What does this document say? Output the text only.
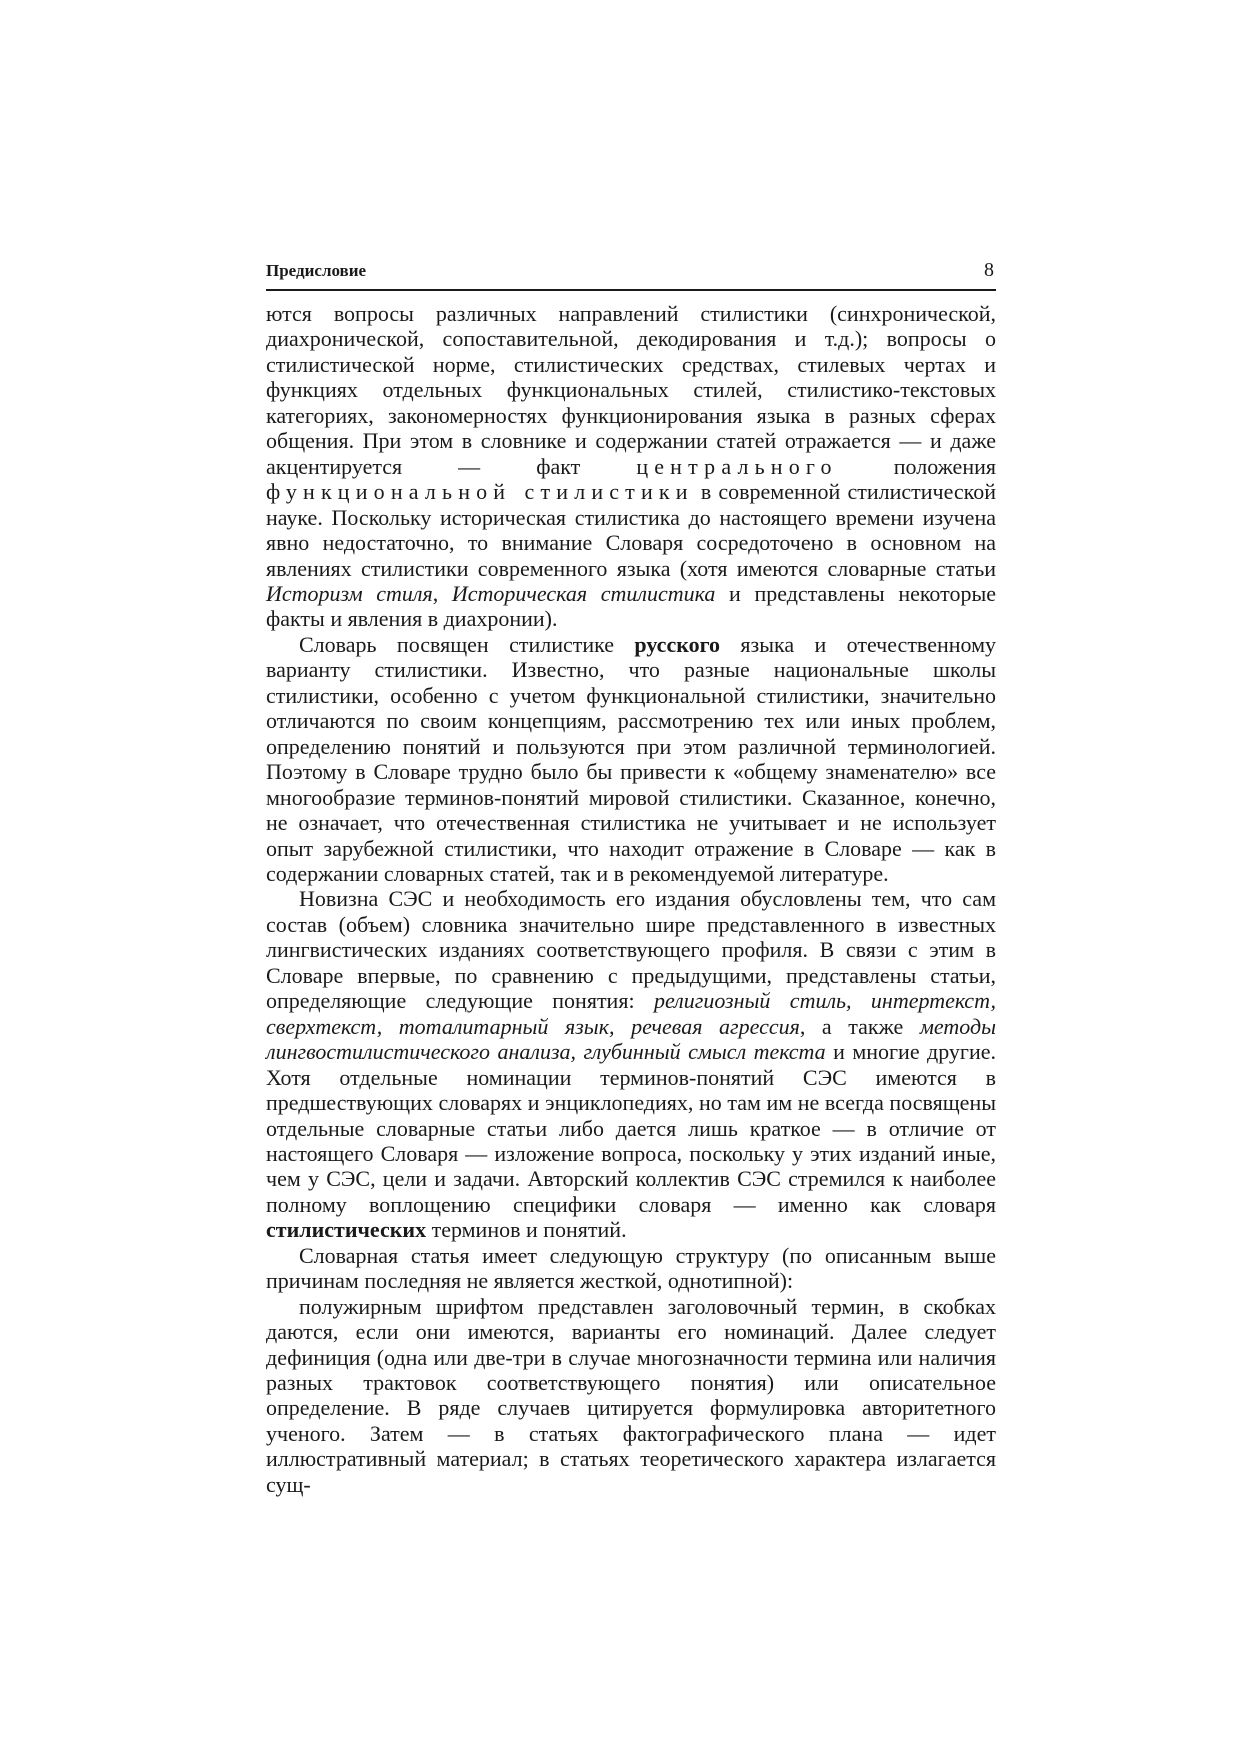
Предисловие	8

ются вопросы различных направлений стилистики (синхронической, диахронической, сопоставительной, декодирования и т.д.); вопросы о стилистической норме, стилистических средствах, стилевых чертах и функциях отдельных функциональных стилей, стилистико-текстовых категориях, закономерностях функционирования языка в разных сферах общения. При этом в словнике и содержании статей отражается — и даже акцентируется — факт центрального положения функциональной стилистики в современной стилистической науке. Поскольку историческая стилистика до настоящего времени изучена явно недостаточно, то внимание Словаря сосредоточено в основном на явлениях стилистики современного языка (хотя имеются словарные статьи Историзм стиля, Историческая стилистика и представлены некоторые факты и явления в диахронии).

Словарь посвящен стилистике русского языка и отечественному варианту стилистики. Известно, что разные национальные школы стилистики, особенно с учетом функциональной стилистики, значительно отличаются по своим концепциям, рассмотрению тех или иных проблем, определению понятий и пользуются при этом различной терминологией. Поэтому в Словаре трудно было бы привести к «общему знаменателю» все многообразие терминов-понятий мировой стилистики. Сказанное, конечно, не означает, что отечественная стилистика не учитывает и не использует опыт зарубежной стилистики, что находит отражение в Словаре — как в содержании словарных статей, так и в рекомендуемой литературе.

Новизна СЭС и необходимость его издания обусловлены тем, что сам состав (объем) словника значительно шире представленного в известных лингвистических изданиях соответствующего профиля. В связи с этим в Словаре впервые, по сравнению с предыдущими, представлены статьи, определяющие следующие понятия: религиозный стиль, интертекст, сверхтекст, тоталитарный язык, речевая агрессия, а также методы лингвостилистического анализа, глубинный смысл текста и многие другие. Хотя отдельные номинации терминов-понятий СЭС имеются в предшествующих словарях и энциклопедиях, но там им не всегда посвящены отдельные словарные статьи либо дается лишь краткое — в отличие от настоящего Словаря — изложение вопроса, поскольку у этих изданий иные, чем у СЭС, цели и задачи. Авторский коллектив СЭС стремился к наиболее полному воплощению специфики словаря — именно как словаря стилистических терминов и понятий.

Словарная статья имеет следующую структуру (по описанным выше причинам последняя не является жесткой, однотипной):

полужирным шрифтом представлен заголовочный термин, в скобках даются, если они имеются, варианты его номинаций. Далее следует дефиниция (одна или две-три в случае многозначности термина или наличия разных трактовок соответствующего понятия) или описательное определение. В ряде случаев цитируется формулировка авторитетного ученого. Затем — в статьях фактографического плана — идет иллюстративный материал; в статьях теоретического характера излагается сущ-
